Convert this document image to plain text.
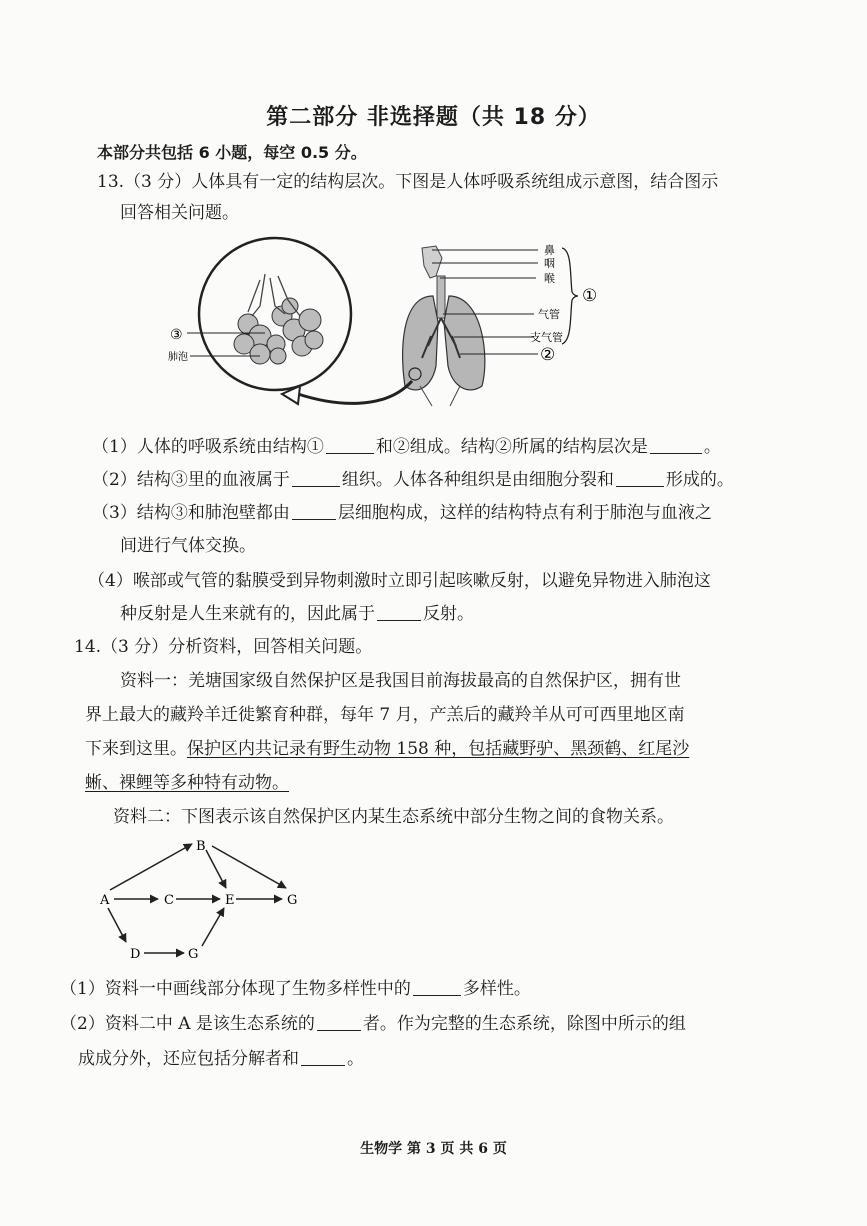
第二部分 非选择题（共 18 分）
本部分共包括 6 小题，每空 0.5 分。
13.（3 分）人体具有一定的结构层次。下图是人体呼吸系统组成示意图，结合图示
回答相关问题。
③
肺泡
鼻
咽
喉
气管
支气管
①
②
（1）人体的呼吸系统由结构①	和②组成。结构②所属的结构层次是	。
（2）结构③里的血液属于	组织。人体各种组织是由细胞分裂和	形成的。
（3）结构③和肺泡壁都由	层细胞构成，这样的结构特点有利于肺泡与血液之
间进行气体交换。
（4）喉部或气管的黏膜受到异物刺激时立即引起咳嗽反射，以避免异物进入肺泡这
种反射是人生来就有的，因此属于	反射。
14.（3 分）分析资料，回答相关问题。
资料一：羌塘国家级自然保护区是我国目前海拔最高的自然保护区，拥有世
界上最大的藏羚羊迁徙繁育种群，每年 7 月，产羔后的藏羚羊从可可西里地区南
下来到这里。保护区内共记录有野生动物 158 种，包括藏野驴、黑颈鹤、红尾沙
蜥、裸鲤等多种特有动物。
资料二：下图表示该自然保护区内某生态系统中部分生物之间的食物关系。
B
A	C	E	G
D	G
（1）资料一中画线部分体现了生物多样性中的	多样性。
（2）资料二中 A 是该生态系统的	者。作为完整的生态系统，除图中所示的组
成成分外，还应包括分解者和	。
生物学 第 3 页 共 6 页
